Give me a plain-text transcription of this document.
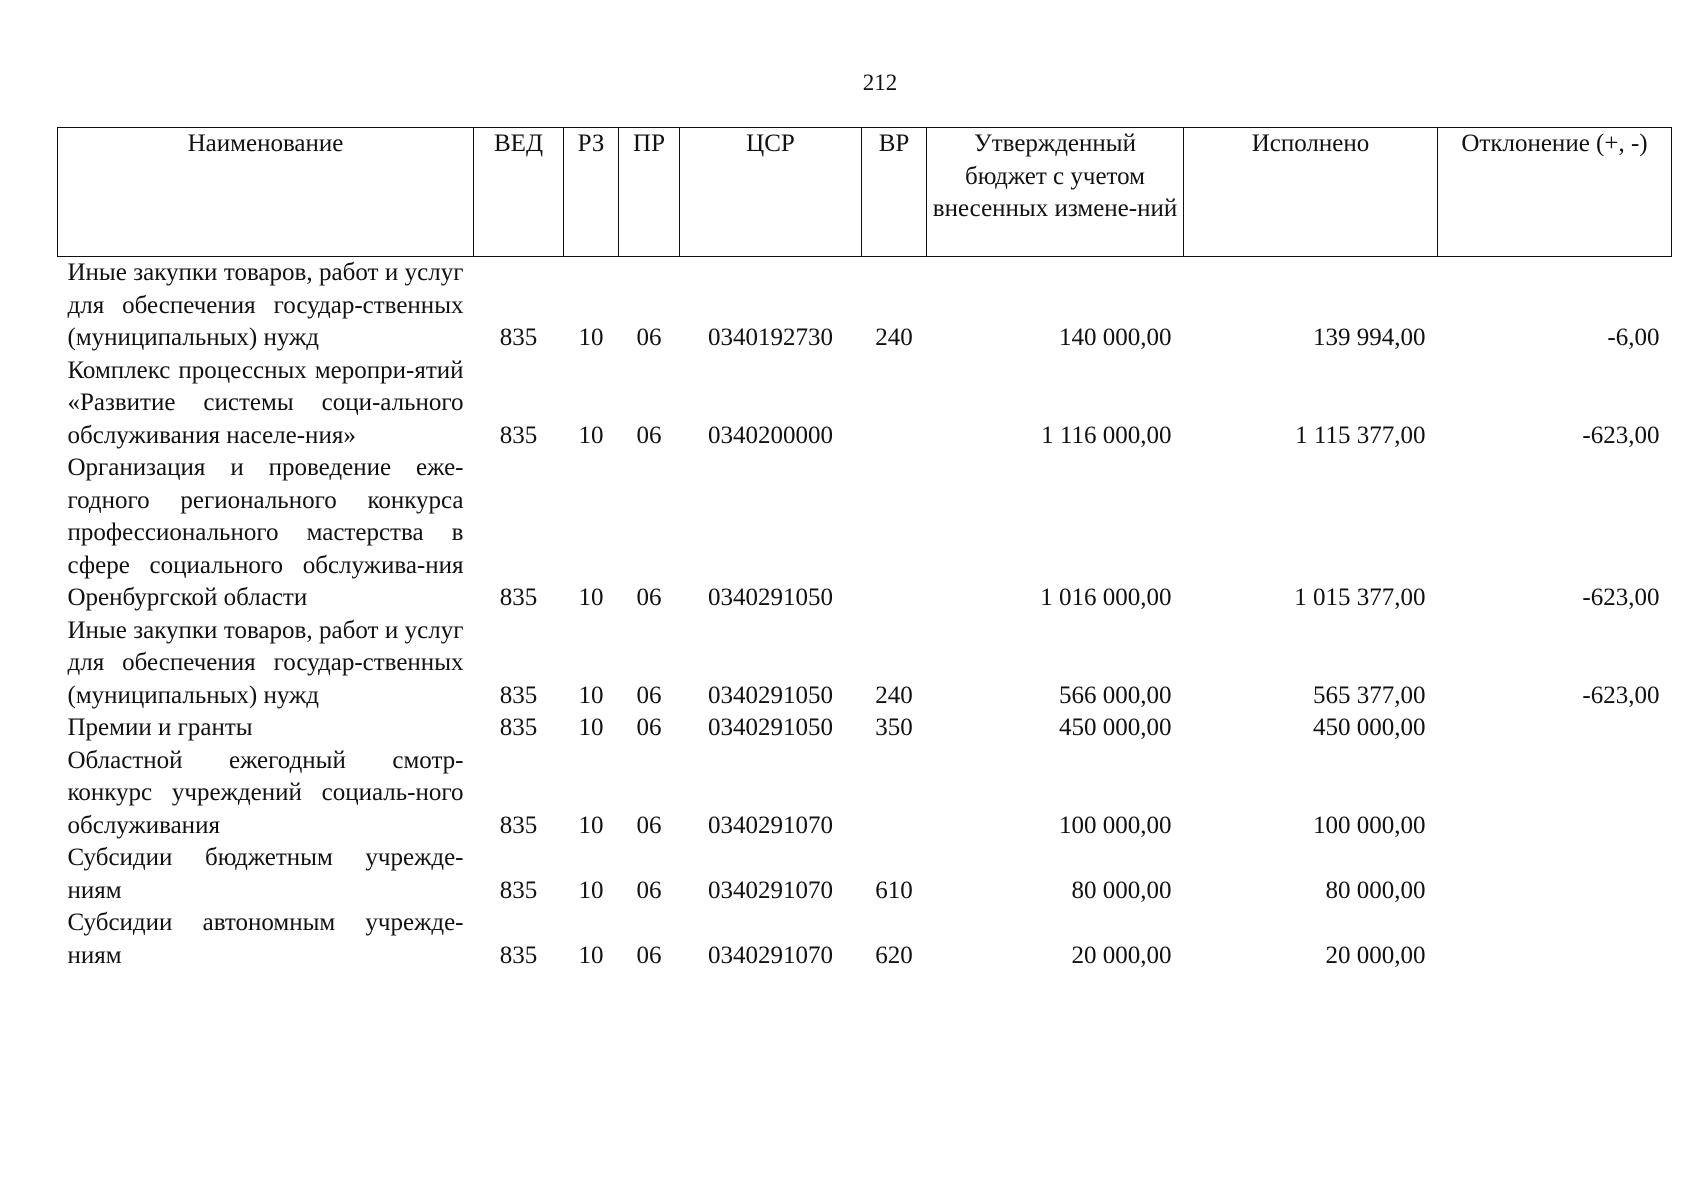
212
Наименование	ВЕД	РЗ	ПР	ЦСР	ВР	Утвержденный бюджет с учетом внесенных измене-ний	Исполнено	Отклонение (+, -)
Иные закупки товаров, работ и услуг для обеспечения государ-ственных (муниципальных) нужд	835	10	06	0340192730	240	140 000,00	139 994,00	-6,00
Комплекс процессных меропри-ятий «Развитие системы соци-ального обслуживания населе-ния»	835	10	06	0340200000		1 116 000,00	1 115 377,00	-623,00
Организация и проведение еже-годного регионального конкурса профессионального мастерства в сфере социального обслужива-ния Оренбургской области	835	10	06	0340291050		1 016 000,00	1 015 377,00	-623,00
Иные закупки товаров, работ и услуг для обеспечения государ-ственных (муниципальных) нужд	835	10	06	0340291050	240	566 000,00	565 377,00	-623,00
Премии и гранты	835	10	06	0340291050	350	450 000,00	450 000,00	
Областной ежегодный смотр-конкурс учреждений социаль-ного обслуживания	835	10	06	0340291070		100 000,00	100 000,00	
Субсидии бюджетным учрежде-ниям	835	10	06	0340291070	610	80 000,00	80 000,00	
Субсидии автономным учрежде-ниям	835	10	06	0340291070	620	20 000,00	20 000,00	
